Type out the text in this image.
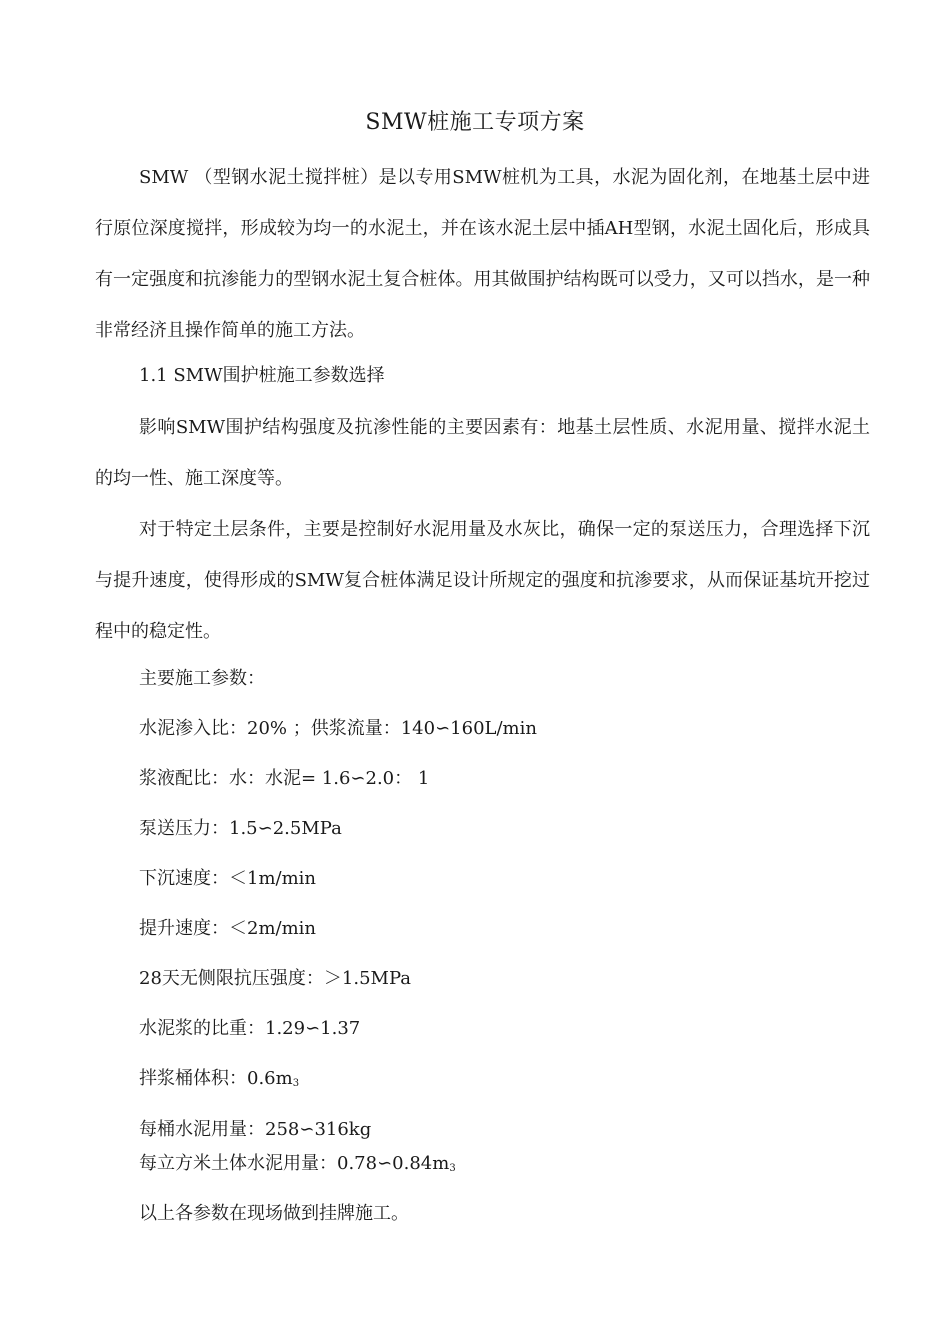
SMW桩施工专项方案
SMW （型钢水泥土搅拌桩）是以专用SMW桩机为工具，水泥为固化剂，在地基土层中进行原位深度搅拌，形成较为均一的水泥土，并在该水泥土层中插AH型钢，水泥土固化后，形成具有一定强度和抗渗能力的型钢水泥土复合桩体。用其做围护结构既可以受力，又可以挡水，是一种非常经济且操作简单的施工方法。
1.1 SMW围护桩施工参数选择
影响SMW围护结构强度及抗渗性能的主要因素有：地基土层性质、水泥用量、搅拌水泥土的均一性、施工深度等。
对于特定土层条件，主要是控制好水泥用量及水灰比，确保一定的泵送压力，合理选择下沉与提升速度，使得形成的SMW复合桩体满足设计所规定的强度和抗渗要求，从而保证基坑开挖过程中的稳定性。
主要施工参数：
水泥渗入比：20% ；供浆流量：140∽160L/min
浆液配比：水：水泥= 1.6∽2.0： 1
泵送压力：1.5∽2.5MPa
下沉速度：＜1m/min
提升速度：＜2m/min
28天无侧限抗压强度：＞1.5MPa
水泥浆的比重：1.29∽1.37
拌浆桶体积：$0.6m_3$
每桶水泥用量：258∽316kg
每立方米土体水泥用量：$0.78∽0.84m_3$
以上各参数在现场做到挂牌施工。
